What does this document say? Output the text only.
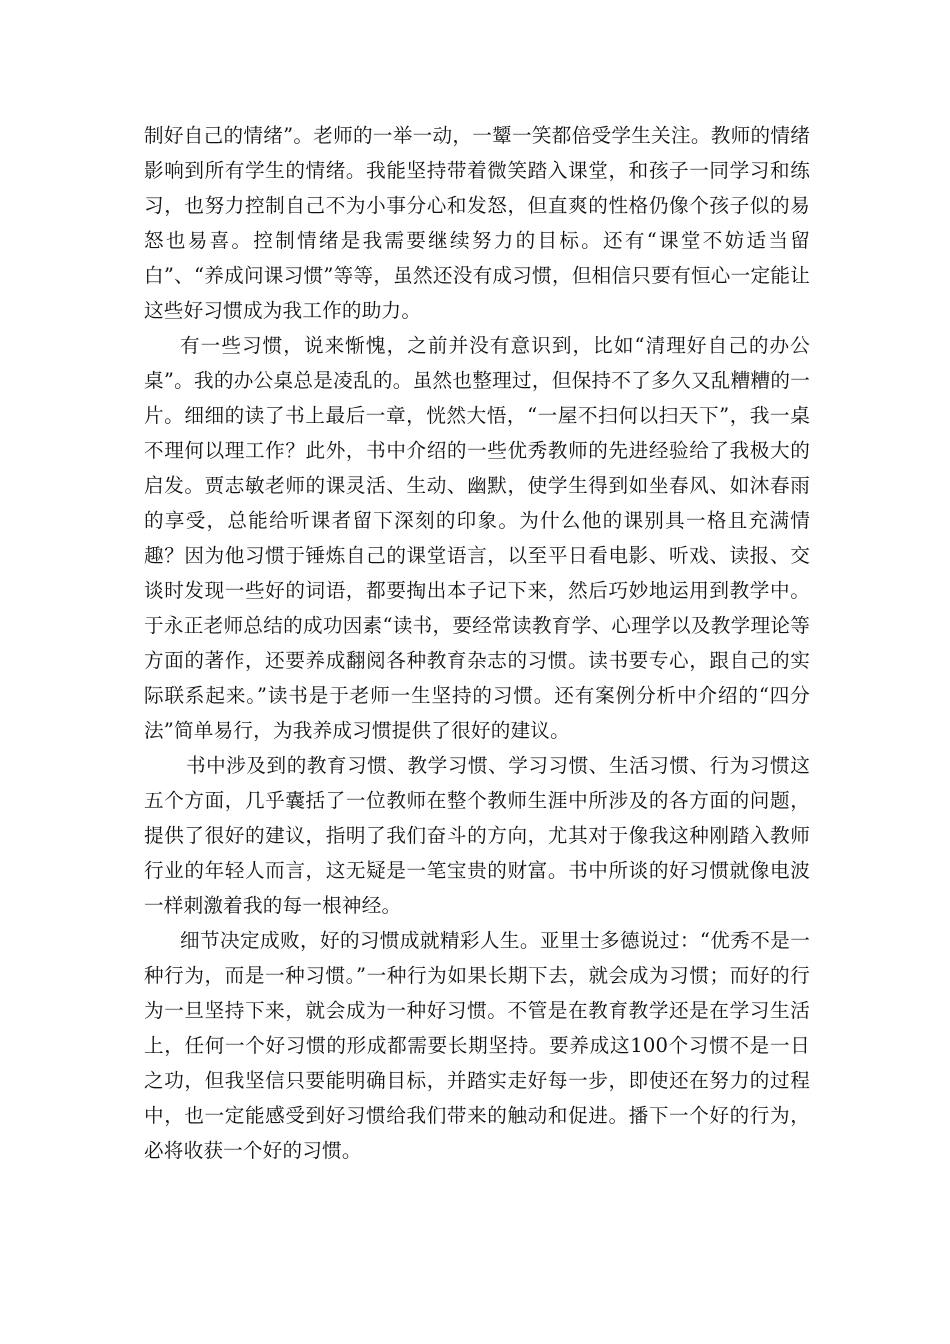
制好自己的情绪”。老师的一举一动，一颦一笑都倍受学生关注。教师的情绪影响到所有学生的情绪。我能坚持带着微笑踏入课堂，和孩子一同学习和练习，也努力控制自己不为小事分心和发怒，但直爽的性格仍像个孩子似的易怒也易喜。控制情绪是我需要继续努力的目标。还有“课堂不妨适当留白”、“养成问课习惯”等等，虽然还没有成习惯，但相信只要有恒心一定能让这些好习惯成为我工作的助力。

有一些习惯，说来惭愧，之前并没有意识到，比如“清理好自己的办公桌”。我的办公桌总是凌乱的。虽然也整理过，但保持不了多久又乱糟糟的一片。细细的读了书上最后一章，恍然大悟，“一屋不扫何以扫天下”，我一桌不理何以理工作？此外，书中介绍的一些优秀教师的先进经验给了我极大的启发。贾志敏老师的课灵活、生动、幽默，使学生得到如坐春风、如沐春雨的享受，总能给听课者留下深刻的印象。为什么他的课别具一格且充满情趣？因为他习惯于锤炼自己的课堂语言，以至平日看电影、听戏、读报、交谈时发现一些好的词语，都要掏出本子记下来，然后巧妙地运用到教学中。于永正老师总结的成功因素“读书，要经常读教育学、心理学以及教学理论等方面的著作，还要养成翻阅各种教育杂志的习惯。读书要专心，跟自己的实际联系起来。”读书是于老师一生坚持的习惯。还有案例分析中介绍的“四分法”简单易行，为我养成习惯提供了很好的建议。

书中涉及到的教育习惯、教学习惯、学习习惯、生活习惯、行为习惯这五个方面，几乎囊括了一位教师在整个教师生涯中所涉及的各方面的问题，提供了很好的建议，指明了我们奋斗的方向，尤其对于像我这种刚踏入教师行业的年轻人而言，这无疑是一笔宝贵的财富。书中所谈的好习惯就像电波一样刺激着我的每一根神经。

细节决定成败，好的习惯成就精彩人生。亚里士多德说过：“优秀不是一种行为，而是一种习惯。”一种行为如果长期下去，就会成为习惯；而好的行为一旦坚持下来，就会成为一种好习惯。不管是在教育教学还是在学习生活上，任何一个好习惯的形成都需要长期坚持。要养成这100个习惯不是一日之功，但我坚信只要能明确目标，并踏实走好每一步，即使还在努力的过程中，也一定能感受到好习惯给我们带来的触动和促进。播下一个好的行为，必将收获一个好的习惯。
